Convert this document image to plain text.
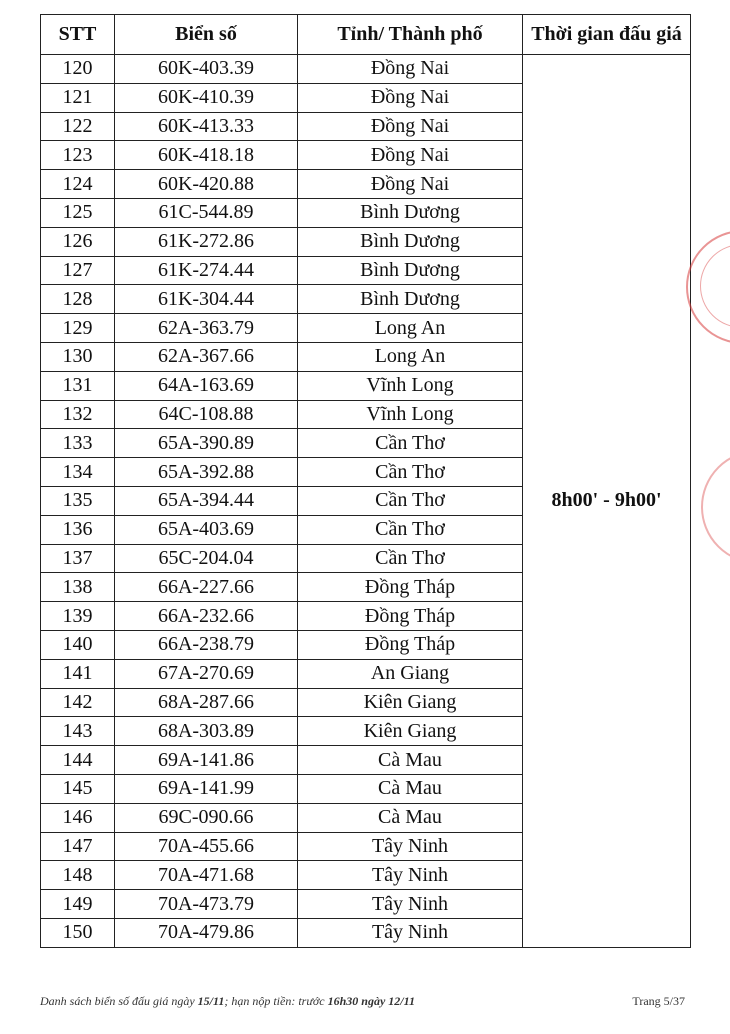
STT	Biển số	Tỉnh/ Thành phố	Thời gian đấu giá
120	60K-403.39	Đồng Nai	8h00' - 9h00'
121	60K-410.39	Đồng Nai	
122	60K-413.33	Đồng Nai	
123	60K-418.18	Đồng Nai	
124	60K-420.88	Đồng Nai	
125	61C-544.89	Bình Dương	
126	61K-272.86	Bình Dương	
127	61K-274.44	Bình Dương	
128	61K-304.44	Bình Dương	
129	62A-363.79	Long An	
130	62A-367.66	Long An	
131	64A-163.69	Vĩnh Long	
132	64C-108.88	Vĩnh Long	
133	65A-390.89	Cần Thơ	
134	65A-392.88	Cần Thơ	
135	65A-394.44	Cần Thơ	
136	65A-403.69	Cần Thơ	
137	65C-204.04	Cần Thơ	
138	66A-227.66	Đồng Tháp	
139	66A-232.66	Đồng Tháp	
140	66A-238.79	Đồng Tháp	
141	67A-270.69	An Giang	
142	68A-287.66	Kiên Giang	
143	68A-303.89	Kiên Giang	
144	69A-141.86	Cà Mau	
145	69A-141.99	Cà Mau	
146	69C-090.66	Cà Mau	
147	70A-455.66	Tây Ninh	
148	70A-471.68	Tây Ninh	
149	70A-473.79	Tây Ninh	
150	70A-479.86	Tây Ninh	
Danh sách biển số đấu giá ngày 15/11; hạn nộp tiền: trước 16h30 ngày 12/11	Trang 5/37
